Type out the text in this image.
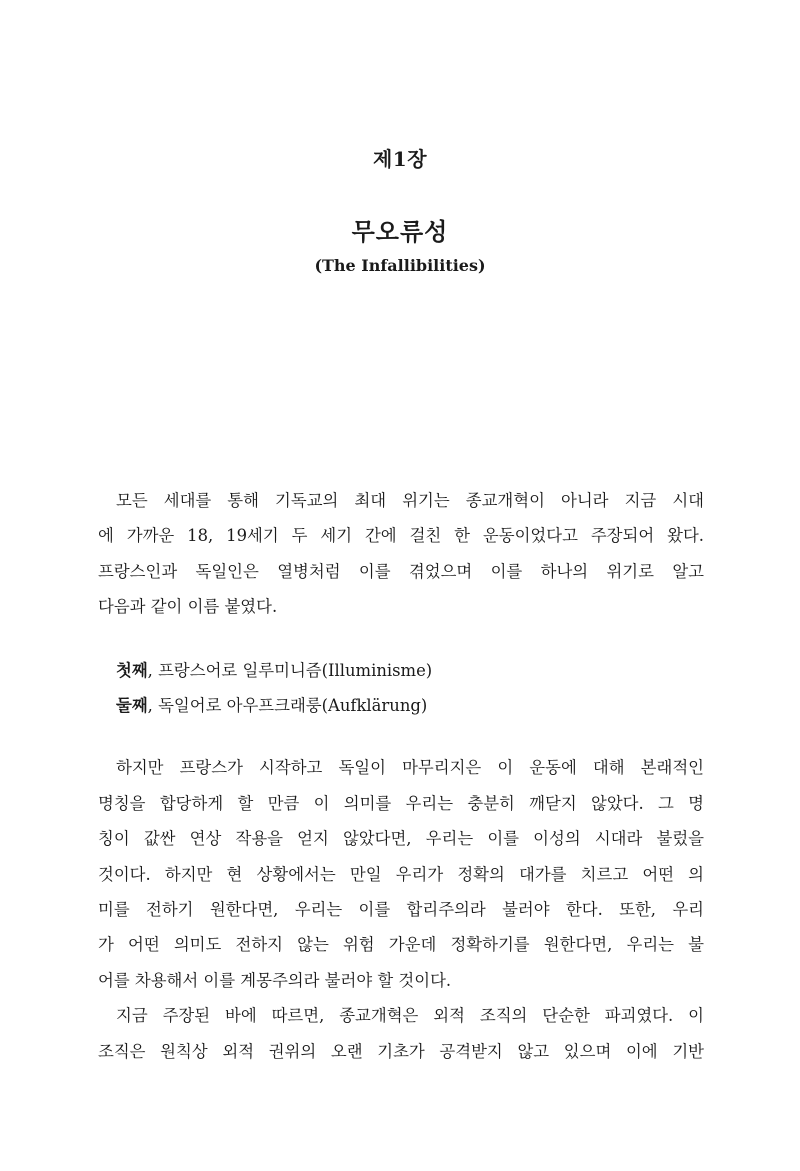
제1장
무오류성
(The Infallibilities)
모든 세대를 통해 기독교의 최대 위기는 종교개혁이 아니라 지금 시대
에 가까운 18, 19세기 두 세기 간에 걸친 한 운동이었다고 주장되어 왔다.
프랑스인과 독일인은 열병처럼 이를 겪었으며 이를 하나의 위기로 알고
다음과 같이 이름 붙였다.
첫째, 프랑스어로 일루미니즘(Illuminisme)
둘째, 독일어로 아우프크래룽(Aufklärung)
하지만 프랑스가 시작하고 독일이 마무리지은 이 운동에 대해 본래적인
명칭을 합당하게 할 만큼 이 의미를 우리는 충분히 깨닫지 않았다. 그 명
칭이 값싼 연상 작용을 얻지 않았다면, 우리는 이를 이성의 시대라 불렀을
것이다. 하지만 현 상황에서는 만일 우리가 정확의 대가를 치르고 어떤 의
미를 전하기 원한다면, 우리는 이를 합리주의라 불러야 한다. 또한, 우리
가 어떤 의미도 전하지 않는 위험 가운데 정확하기를 원한다면, 우리는 불
어를 차용해서 이를 계몽주의라 불러야 할 것이다.
지금 주장된 바에 따르면, 종교개혁은 외적 조직의 단순한 파괴였다. 이
조직은 원칙상 외적 권위의 오랜 기초가 공격받지 않고 있으며 이에 기반
